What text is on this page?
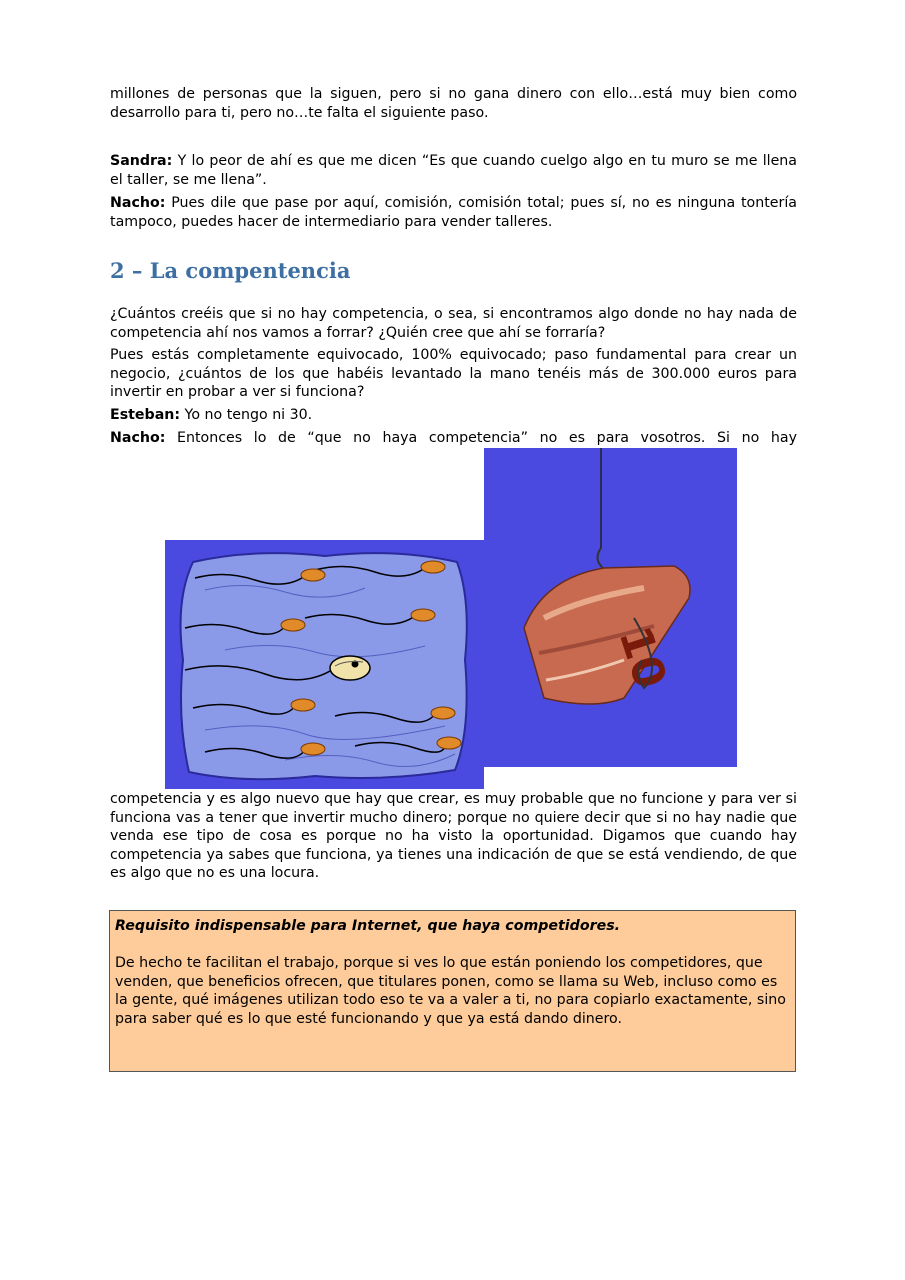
millones de personas que la siguen, pero si no gana dinero con ello…está muy bien como desarrollo para ti, pero no…te falta el siguiente paso.

Sandra: Y lo peor de ahí es que me dicen “Es que cuando cuelgo algo en tu muro se me llena el taller, se me llena”.

Nacho: Pues dile que pase por aquí, comisión, comisión total; pues sí, no es ninguna tontería tampoco, puedes hacer de intermediario para vender talleres.

2 – La compentencia

¿Cuántos creéis que si no hay competencia, o sea, si encontramos algo donde no hay nada de competencia ahí nos vamos a forrar? ¿Quién cree que ahí se forraría?

Pues estás completamente equivocado, 100% equivocado; paso fundamental para crear un negocio, ¿cuántos de los que habéis levantado la mano tenéis más de 300.000 euros para invertir en probar a ver si funciona?

Esteban: Yo no tengo ni 30.

Nacho: Entonces lo de “que no haya competencia” no es para vosotros. Si no hay

10

competencia y es algo nuevo que hay que crear, es muy probable que no funcione y para ver si funciona vas a tener que invertir mucho dinero; porque no quiere decir que si no hay nadie que venda ese tipo de cosa es porque no ha visto la oportunidad. Digamos que cuando hay competencia ya sabes que funciona, ya tienes una indicación de que se está vendiendo, de que es algo que no es una locura.

Requisito indispensable para Internet, que haya competidores.

De hecho te facilitan el trabajo, porque si ves lo que están poniendo los competidores, que venden, que beneficios ofrecen, que titulares ponen, como se llama su Web, incluso como es la gente, qué imágenes utilizan todo eso te va a valer a ti, no para copiarlo exactamente, sino para saber qué es lo que esté funcionando y que ya está dando dinero.
